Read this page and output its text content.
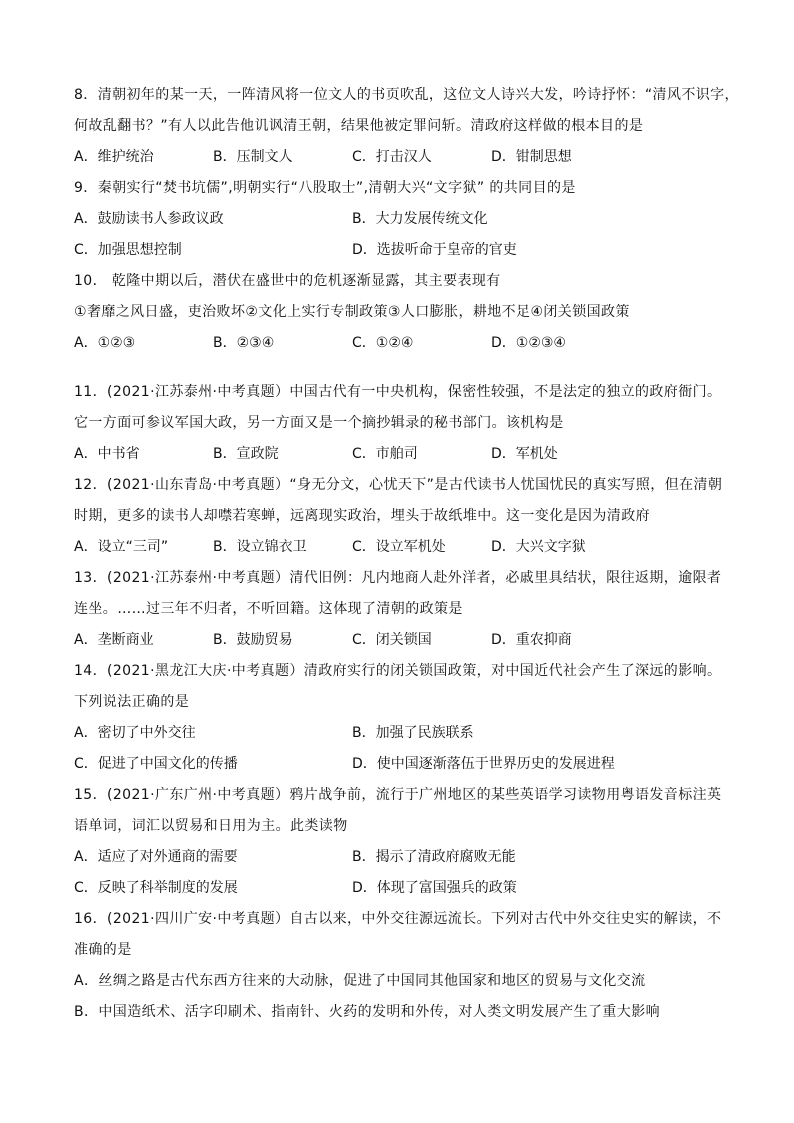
8．清朝初年的某一天，一阵清风将一位文人的书页吹乱，这位文人诗兴大发，吟诗抒怀：“清风不识字，
何故乱翻书？”有人以此告他讥讽清王朝，结果他被定罪问斩。清政府这样做的根本目的是
A．维护统治	B．压制文人	C．打击汉人	D．钳制思想
9．秦朝实行“焚书坑儒”,明朝实行“八股取士”,清朝大兴“文字狱” 的共同目的是
A．鼓励读书人参政议政	B．大力发展传统文化
C．加强思想控制	D．选拔听命于皇帝的官吏
10． 乾隆中期以后，潜伏在盛世中的危机逐渐显露，其主要表现有
①奢靡之风日盛，吏治败坏②文化上实行专制政策③人口膨胀，耕地不足④闭关锁国政策
A．①②③	B．②③④	C．①②④	D．①②③④
11．(2021·江苏泰州·中考真题）中国古代有一中央机构，保密性较强，不是法定的独立的政府衙门。
它一方面可参议军国大政，另一方面又是一个摘抄辑录的秘书部门。该机构是
A．中书省	B．宣政院	C．市舶司	D．军机处
12．(2021·山东青岛·中考真题）“身无分文，心忧天下”是古代读书人忧国忧民的真实写照，但在清朝
时期，更多的读书人却噤若寒蝉，远离现实政治，埋头于故纸堆中。这一变化是因为清政府
A．设立“三司”	B．设立锦衣卫	C．设立军机处	D．大兴文字狱
13．(2021·江苏泰州·中考真题）清代旧例：凡内地商人赴外洋者，必戚里具结状，限往返期，逾限者
连坐。……过三年不归者，不听回籍。这体现了清朝的政策是
A．垄断商业	B．鼓励贸易	C．闭关锁国	D．重农抑商
14．(2021·黑龙江大庆·中考真题）清政府实行的闭关锁国政策，对中国近代社会产生了深远的影响。
下列说法正确的是
A．密切了中外交往	B．加强了民族联系
C．促进了中国文化的传播	D．使中国逐渐落伍于世界历史的发展进程
15．(2021·广东广州·中考真题）鸦片战争前，流行于广州地区的某些英语学习读物用粤语发音标注英
语单词，词汇以贸易和日用为主。此类读物
A．适应了对外通商的需要	B．揭示了清政府腐败无能
C．反映了科举制度的发展	D．体现了富国强兵的政策
16．(2021·四川广安·中考真题）自古以来，中外交往源远流长。下列对古代中外交往史实的解读，不
准确的是
A．丝绸之路是古代东西方往来的大动脉，促进了中国同其他国家和地区的贸易与文化交流
B．中国造纸术、活字印刷术、指南针、火药的发明和外传，对人类文明发展产生了重大影响
